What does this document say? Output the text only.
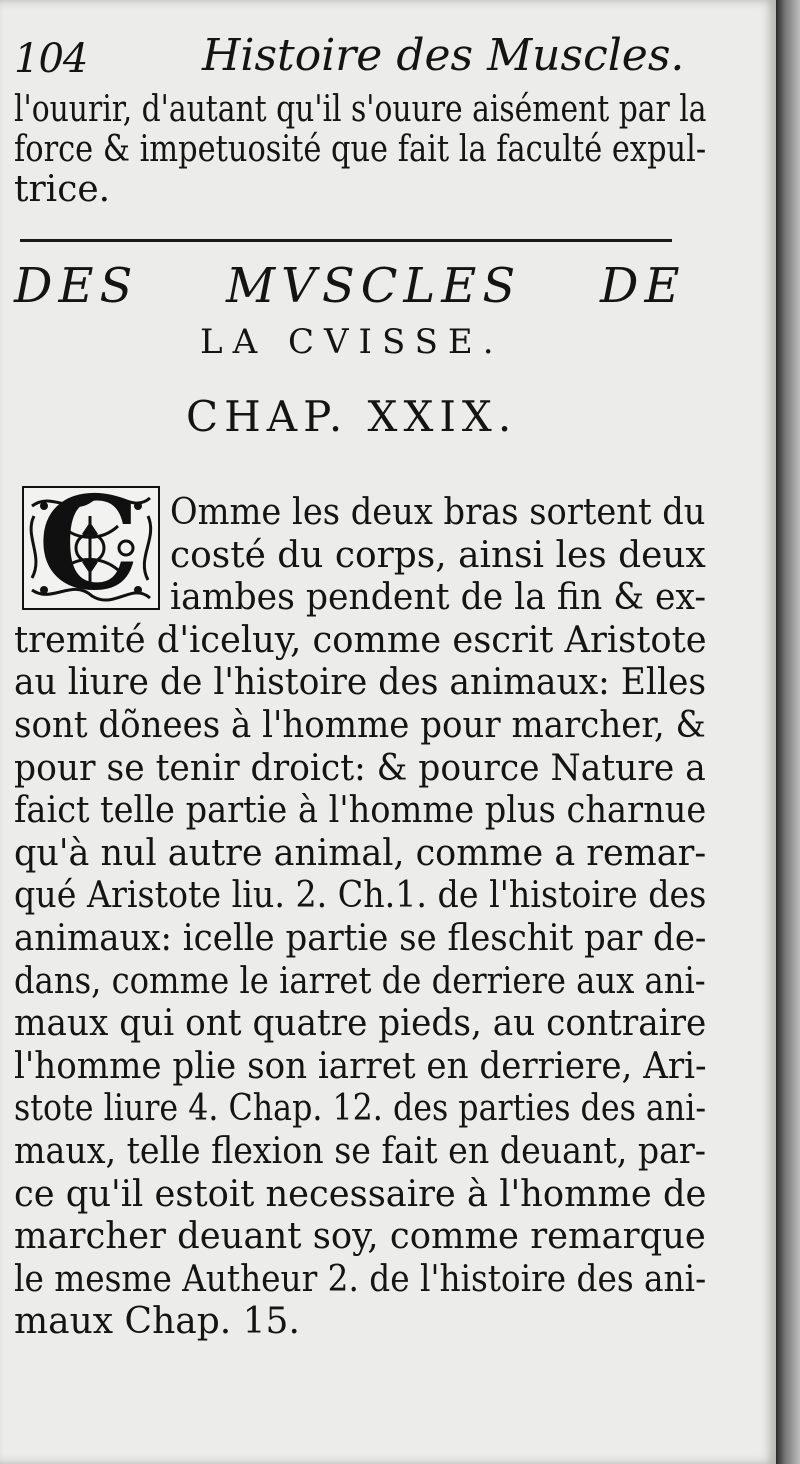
104	Histoire des Muscles.
l'ouurir, d'autant qu'il s'ouure aisément par la
force & impetuosité que fait la faculté expul-
trice.
DES MVSCLES DE
LA CVISSE.
CHAP. XXIX.
C Omme les deux bras sortent du
costé du corps, ainsi les deux
iambes pendent de la fin & ex-
tremité d'iceluy, comme escrit Aristote
au liure de l'histoire des animaux: Elles
sont dõnees à l'homme pour marcher, &
pour se tenir droict: & pource Nature a
faict telle partie à l'homme plus charnue
qu'à nul autre animal, comme a remar-
qué Aristote liu. 2. Ch.1. de l'histoire des
animaux: icelle partie se fleschit par de-
dans, comme le iarret de derriere aux ani-
maux qui ont quatre pieds, au contraire
l'homme plie son iarret en derriere, Ari-
stote liure 4. Chap. 12. des parties des ani-
maux, telle flexion se fait en deuant, par-
ce qu'il estoit necessaire à l'homme de
marcher deuant soy, comme remarque
le mesme Autheur 2. de l'histoire des ani-
maux Chap. 15.
